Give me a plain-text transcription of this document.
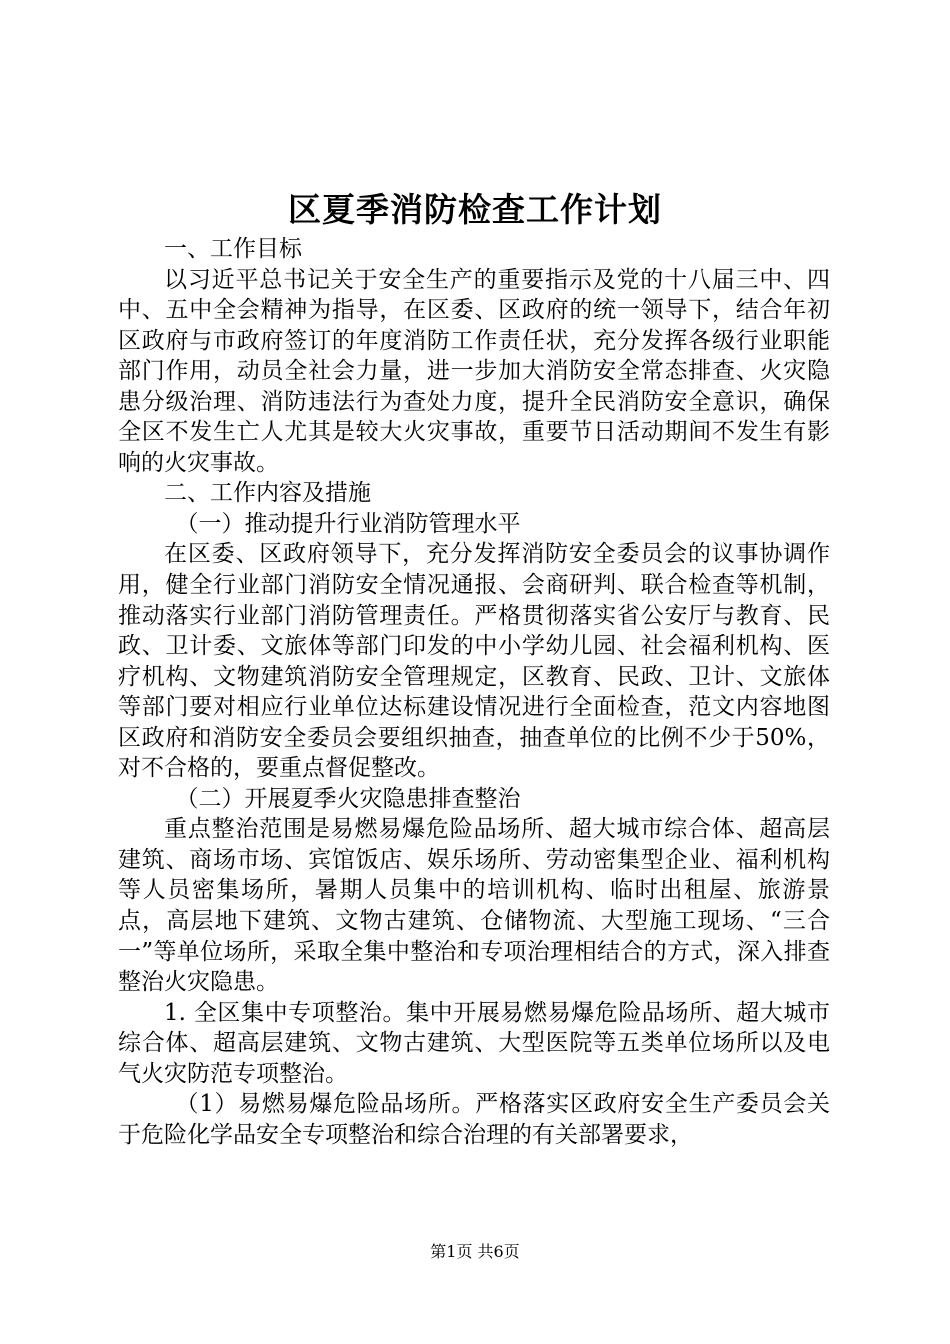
区夏季消防检查工作计划

一、工作目标

以习近平总书记关于安全生产的重要指示及党的十八届三中、四中、五中全会精神为指导，在区委、区政府的统一领导下，结合年初区政府与市政府签订的年度消防工作责任状，充分发挥各级行业职能部门作用，动员全社会力量，进一步加大消防安全常态排查、火灾隐患分级治理、消防违法行为查处力度，提升全民消防安全意识，确保全区不发生亡人尤其是较大火灾事故，重要节日活动期间不发生有影响的火灾事故。

二、工作内容及措施

（一）推动提升行业消防管理水平

在区委、区政府领导下，充分发挥消防安全委员会的议事协调作用，健全行业部门消防安全情况通报、会商研判、联合检查等机制，推动落实行业部门消防管理责任。严格贯彻落实省公安厅与教育、民政、卫计委、文旅体等部门印发的中小学幼儿园、社会福利机构、医疗机构、文物建筑消防安全管理规定，区教育、民政、卫计、文旅体等部门要对相应行业单位达标建设情况进行全面检查，范文内容地图区政府和消防安全委员会要组织抽查，抽查单位的比例不少于50%，对不合格的，要重点督促整改。

（二）开展夏季火灾隐患排查整治

重点整治范围是易燃易爆危险品场所、超大城市综合体、超高层建筑、商场市场、宾馆饭店、娱乐场所、劳动密集型企业、福利机构等人员密集场所，暑期人员集中的培训机构、临时出租屋、旅游景点，高层地下建筑、文物古建筑、仓储物流、大型施工现场、“三合一”等单位场所，采取全集中整治和专项治理相结合的方式，深入排查整治火灾隐患。

1. 全区集中专项整治。集中开展易燃易爆危险品场所、超大城市综合体、超高层建筑、文物古建筑、大型医院等五类单位场所以及电气火灾防范专项整治。

（1）易燃易爆危险品场所。严格落实区政府安全生产委员会关于危险化学品安全专项整治和综合治理的有关部署要求，

第1页 共6页
